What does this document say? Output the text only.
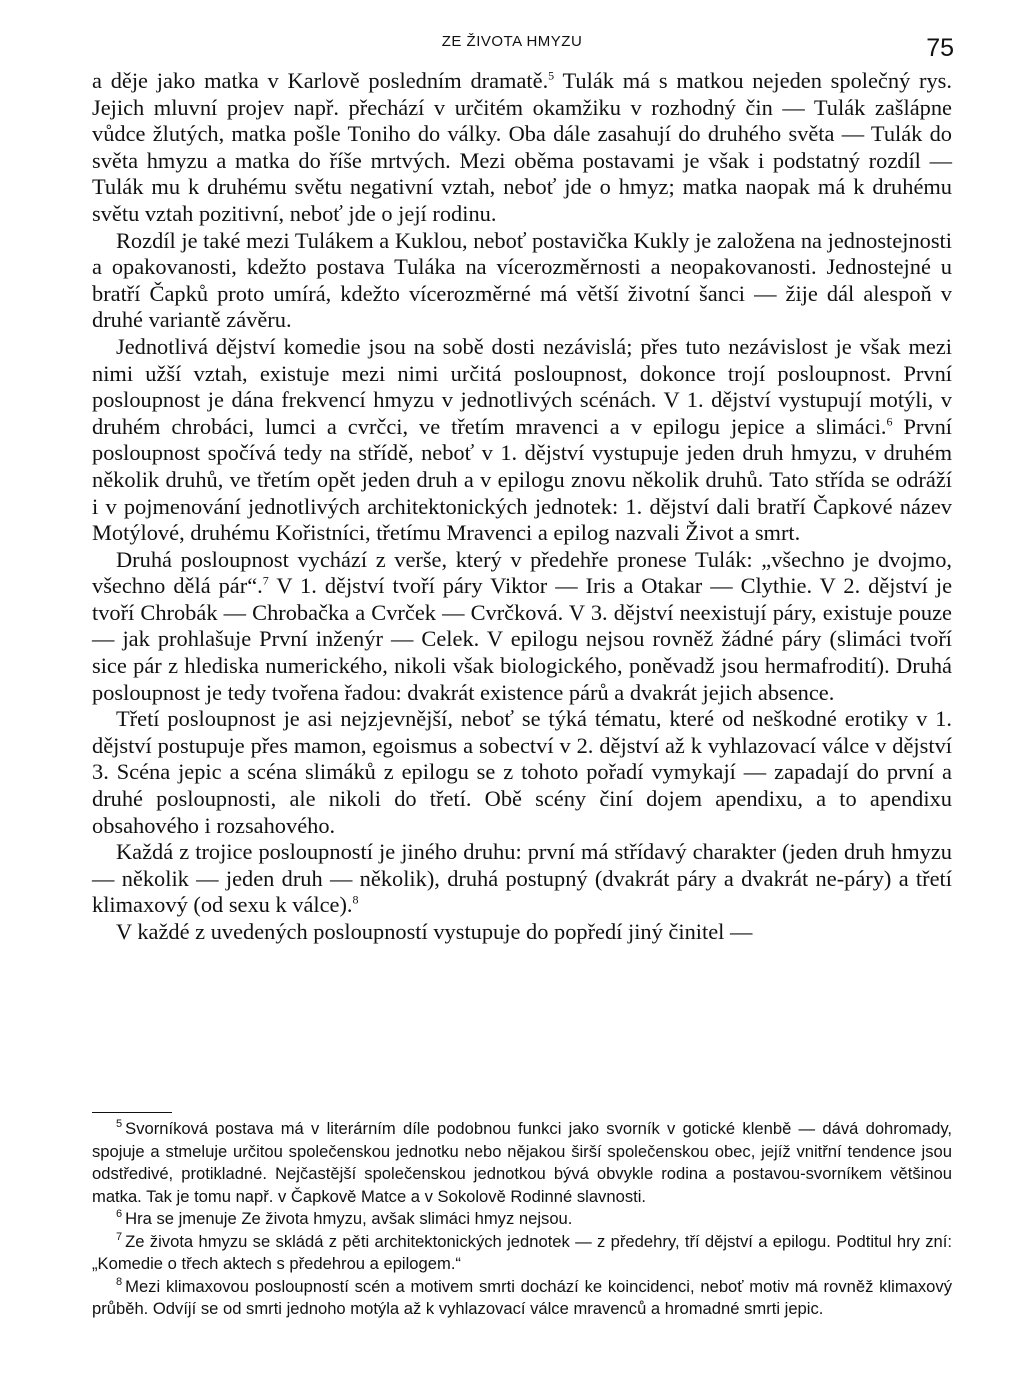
ZE ŽIVOTA HMYZU	75

a děje jako matka v Karlově posledním dramatě.$^5$ Tulák má s matkou nejeden společný rys. Jejich mluvní projev např. přechází v určitém okamžiku v rozhodný čin — Tulák zašlápne vůdce žlutých, matka pošle Toniho do války. Oba dále zasahují do druhého světa — Tulák do světa hmyzu a matka do říše mrtvých. Mezi oběma postavami je však i podstatný rozdíl — Tulák mu k druhému světu negativní vztah, neboť jde o hmyz; matka naopak má k druhému světu vztah pozitivní, neboť jde o její rodinu.

Rozdíl je také mezi Tulákem a Kuklou, neboť postavička Kukly je založena na jednostejnosti a opakovanosti, kdežto postava Tuláka na vícerozměrnosti a neopakovanosti. Jednostejné u bratří Čapků proto umírá, kdežto vícerozměrné má větší životní šanci — žije dál alespoň v druhé variantě závěru.

Jednotlivá dějství komedie jsou na sobě dosti nezávislá; přes tuto nezávislost je však mezi nimi užší vztah, existuje mezi nimi určitá posloupnost, dokonce trojí posloupnost. První posloupnost je dána frekvencí hmyzu v jednotlivých scénách. V 1. dějství vystupují motýli, v druhém chrobáci, lumci a cvrčci, ve třetím mravenci a v epilogu jepice a slimáci.$^6$ První posloupnost spočívá tedy na střídě, neboť v 1. dějství vystupuje jeden druh hmyzu, v druhém několik druhů, ve třetím opět jeden druh a v epilogu znovu několik druhů. Tato střída se odráží i v pojmenování jednotlivých architektonických jednotek: 1. dějství dali bratří Čapkové název Motýlové, druhému Kořistníci, třetímu Mravenci a epilog nazvali Život a smrt.

Druhá posloupnost vychází z verše, který v předehře pronese Tulák: „všechno je dvojmo, všechno dělá pár“.$^7$ V 1. dějství tvoří páry Viktor — Iris a Otakar — Clythie. V 2. dějství je tvoří Chrobák — Chrobačka a Cvrček — Cvrčková. V 3. dějství neexistují páry, existuje pouze — jak prohlašuje První inženýr — Celek. V epilogu nejsou rovněž žádné páry (slimáci tvoří sice pár z hlediska numerického, nikoli však biologického, poněvadž jsou hermafrodití). Druhá posloupnost je tedy tvořena řadou: dvakrát existence párů a dvakrát jejich absence.

Třetí posloupnost je asi nejzjevnější, neboť se týká tématu, které od neškodné erotiky v 1. dějství postupuje přes mamon, egoismus a sobectví v 2. dějství až k vyhlazovací válce v dějství 3. Scéna jepic a scéna slimáků z epilogu se z tohoto pořadí vymykají — zapadají do první a druhé posloupnosti, ale nikoli do třetí. Obě scény činí dojem apendixu, a to apendixu obsahového i rozsahového.

Každá z trojice posloupností je jiného druhu: první má střídavý charakter (jeden druh hmyzu — několik — jeden druh — několik), druhá postupný (dvakrát páry a dvakrát ne-páry) a třetí klimaxový (od sexu k válce).$^8$

V každé z uvedených posloupností vystupuje do popředí jiný činitel —

$^5$ Svorníková postava má v literárním díle podobnou funkci jako svorník v gotické klenbě — dává dohromady, spojuje a stmeluje určitou společenskou jednotku nebo nějakou širší společenskou obec, jejíž vnitřní tendence jsou odstředivé, protikladné. Nejčastější společenskou jednotkou bývá obvykle rodina a postavou-svorníkem většinou matka. Tak je tomu např. v Čapkově Matce a v Sokolově Rodinné slavnosti.

$^6$ Hra se jmenuje Ze života hmyzu, avšak slimáci hmyz nejsou.

$^7$ Ze života hmyzu se skládá z pěti architektonických jednotek — z předehry, tří dějství a epilogu. Podtitul hry zní: „Komedie o třech aktech s předehrou a epilogem.“

$^8$ Mezi klimaxovou posloupností scén a motivem smrti dochází ke koincidenci, neboť motiv má rovněž klimaxový průběh. Odvíjí se od smrti jednoho motýla až k vyhlazovací válce mravenců a hromadné smrti jepic.
